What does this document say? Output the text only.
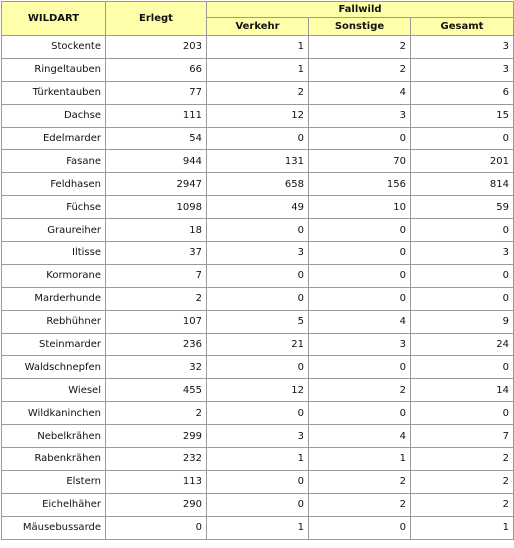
WILDART	Erlegt	Fallwild		
		Verkehr	Sonstige	Gesamt
Stockente	203	1	2	3
Ringeltauben	66	1	2	3
Türkentauben	77	2	4	6
Dachse	111	12	3	15
Edelmarder	54	0	0	0
Fasane	944	131	70	201
Feldhasen	2947	658	156	814
Füchse	1098	49	10	59
Graureiher	18	0	0	0
Iltisse	37	3	0	3
Kormorane	7	0	0	0
Marderhunde	2	0	0	0
Rebhühner	107	5	4	9
Steinmarder	236	21	3	24
Waldschnepfen	32	0	0	0
Wiesel	455	12	2	14
Wildkaninchen	2	0	0	0
Nebelkrähen	299	3	4	7
Rabenkrähen	232	1	1	2
Elstern	113	0	2	2
Eichelhäher	290	0	2	2
Mäusebussarde	0	1	0	1
